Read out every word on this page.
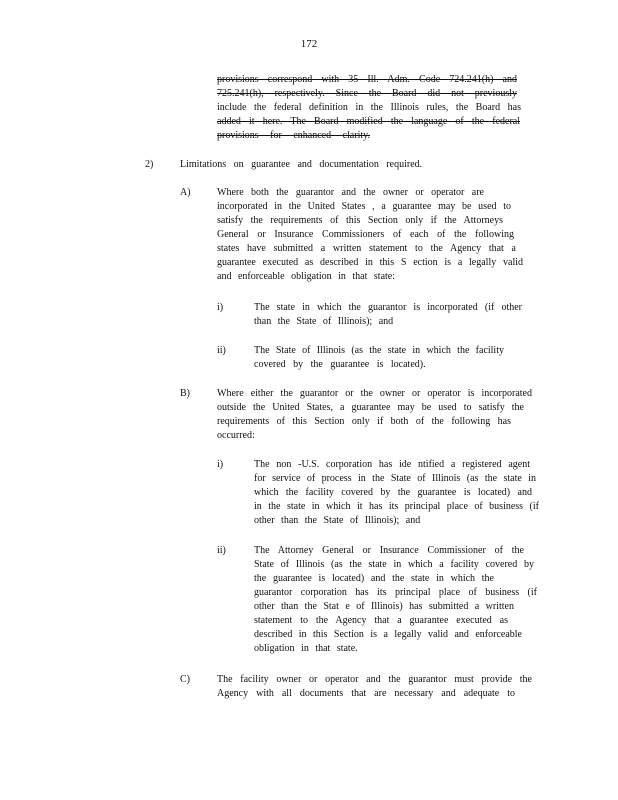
172
provisions correspond with 35 Ill. Adm. Code 724.241(h) and
725.241(h), respectively. Since the Board did not previously
include the federal definition in the Illinois rules, the Board has
added it here. The Board modified the language of the federal
provisions for enhanced clarity.
2)	Limitations on guarantee and documentation required.
A)	Where both the guarantor and the owner or operator are
incorporated in the United States , a guarantee may be used to
satisfy the requirements of this Section only if the Attorneys
General or Insurance Commissioners of each of the following
states have submitted a written statement to the Agency that a
guarantee executed as described in this S ection is a legally valid
and enforceable obligation in that state:
i)	The state in which the guarantor is incorporated (if other
than the State of Illinois); and
ii)	The State of Illinois (as the state in which the facility
covered by the guarantee is located).
B)	Where either the guarantor or the owner or operator is incorporated
outside the United States, a guarantee may be used to satisfy the
requirements of this Section only if both of the following has
occurred:
i)	The non -U.S. corporation has ide ntified a registered agent
for service of process in the State of Illinois (as the state in
which the facility covered by the guarantee is located) and
in the state in which it has its principal place of business (if
other than the State of Illinois); and
ii)	The Attorney General or Insurance Commissioner of the
State of Illinois (as the state in which a facility covered by
the guarantee is located) and the state in which the
guarantor corporation has its principal place of business (if
other than the Stat e of Illinois) has submitted a written
statement to the Agency that a guarantee executed as
described in this Section is a legally valid and enforceable
obligation in that state.
C)	The facility owner or operator and the guarantor must provide the
Agency with all documents that are necessary and adequate to
